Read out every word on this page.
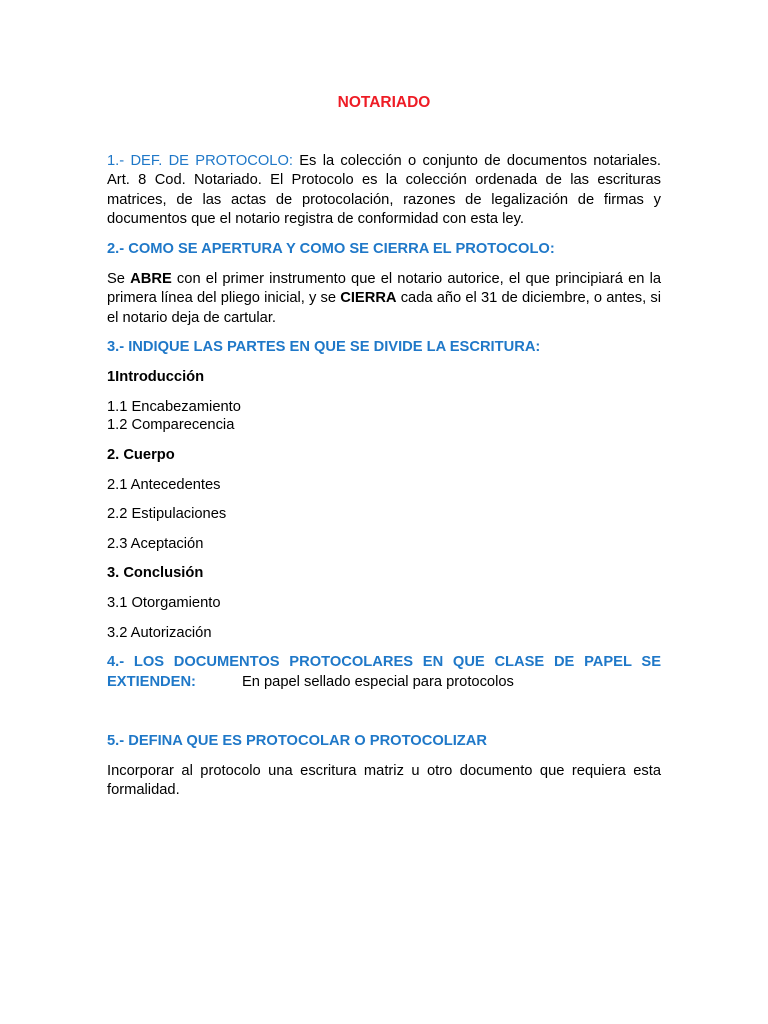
NOTARIADO

1.- DEF. DE PROTOCOLO: Es la colección o conjunto de documentos notariales. Art. 8 Cod. Notariado. El Protocolo es la colección ordenada de las escrituras matrices, de las actas de protocolación, razones de legalización de firmas y documentos que el notario registra de conformidad con esta ley.

2.- COMO SE APERTURA Y COMO SE CIERRA EL PROTOCOLO:

Se ABRE con el primer instrumento que el notario autorice, el que principiará en la primera línea del pliego inicial, y se CIERRA cada año el 31 de diciembre, o antes, si el notario deja de cartular.

3.- INDIQUE LAS PARTES EN QUE SE DIVIDE LA ESCRITURA:

1Introducción

1.1 Encabezamiento

1.2 Comparecencia

2. Cuerpo

2.1 Antecedentes

2.2 Estipulaciones

2.3 Aceptación

3. Conclusión

3.1 Otorgamiento

3.2 Autorización

4.- LOS DOCUMENTOS PROTOCOLARES EN QUE CLASE DE PAPEL SE

EXTIENDEN:	En papel sellado especial para protocolos

5.- DEFINA QUE ES PROTOCOLAR O PROTOCOLIZAR

Incorporar al protocolo una escritura matriz u otro documento que requiera esta formalidad.
